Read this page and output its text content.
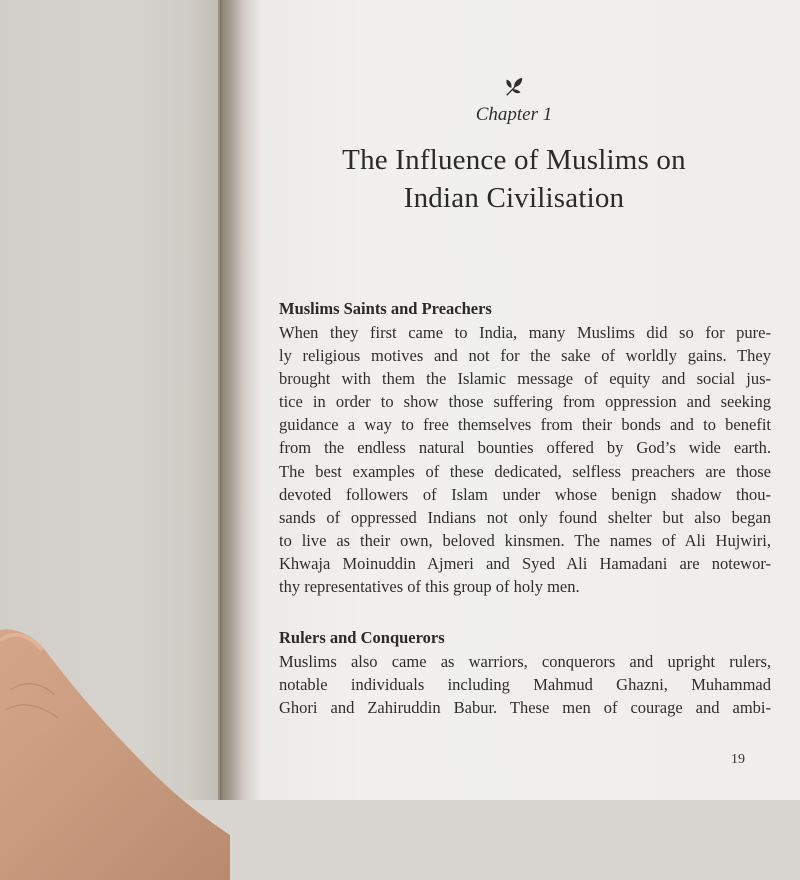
Chapter 1
The Influence of Muslims on
Indian Civilisation
Muslims Saints and Preachers
When they first came to India, many Muslims did so for pure-
ly religious motives and not for the sake of worldly gains. They
brought with them the Islamic message of equity and social jus-
tice in order to show those suffering from oppression and seeking
guidance a way to free themselves from their bonds and to benefit
from the endless natural bounties offered by God’s wide earth.
The best examples of these dedicated, selfless preachers are those
devoted followers of Islam under whose benign shadow thou-
sands of oppressed Indians not only found shelter but also began
to live as their own, beloved kinsmen. The names of Ali Hujwiri,
Khwaja Moinuddin Ajmeri and Syed Ali Hamadani are notewor-
thy representatives of this group of holy men.
Rulers and Conquerors
Muslims also came as warriors, conquerors and upright rulers,
notable individuals including Mahmud Ghazni, Muhammad
Ghori and Zahiruddin Babur. These men of courage and ambi-
19
